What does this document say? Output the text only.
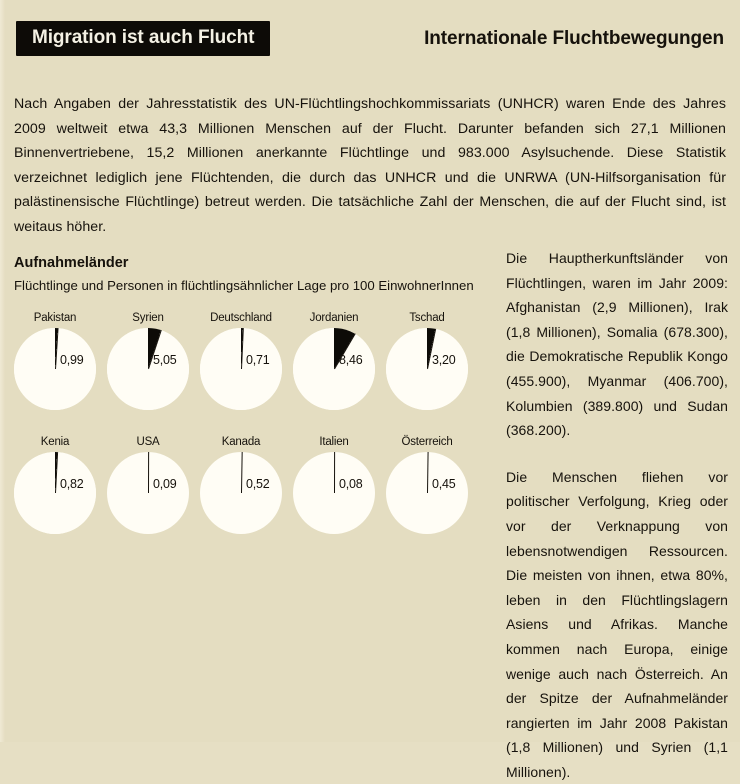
Migration ist auch Flucht	Internationale Fluchtbewegungen
Nach Angaben der Jahresstatistik des UN-Flüchtlingshochkommissariats (UNHCR) waren Ende des Jahres 2009 weltweit etwa 43,3 Millionen Menschen auf der Flucht. Darunter befanden sich 27,1 Millionen Binnenvertriebene, 15,2 Millionen anerkannte Flüchtlinge und 983.000 Asylsuchende. Diese Statistik verzeichnet lediglich jene Flüchtenden, die durch das UNHCR und die UNRWA (UN-Hilfsorganisation für palästinensische Flüchtlinge) betreut werden. Die tatsächliche Zahl der Menschen, die auf der Flucht sind, ist weitaus höher.
Aufnahmeländer
Flüchtlinge und Personen in flüchtlingsähnlicher Lage pro 100 EinwohnerInnen
Pakistan
0,99
Syrien
5,05
Deutschland
0,71
Jordanien
8,46
Tschad
3,20
Kenia
0,82
USA
0,09
Kanada
0,52
Italien
0,08
Österreich
0,45

Die Hauptherkunftsländer von Flüchtlingen, waren im Jahr 2009: Afghanistan (2,9 Millionen), Irak (1,8 Millionen), Somalia (678.300), die Demokratische Republik Kongo (455.900), Myanmar (406.700), Kolumbien (389.800) und Sudan (368.200).

Die Menschen fliehen vor politischer Verfolgung, Krieg oder vor der Verknappung von lebensnotwendigen Ressourcen. Die meisten von ihnen, etwa 80%, leben in den Flüchtlingslagern Asiens und Afrikas. Manche kommen nach Europa, einige wenige auch nach Österreich. An der Spitze der Aufnahmeländer rangierten im Jahr 2008 Pakistan (1,8 Millionen) und Syrien (1,1 Millionen).
